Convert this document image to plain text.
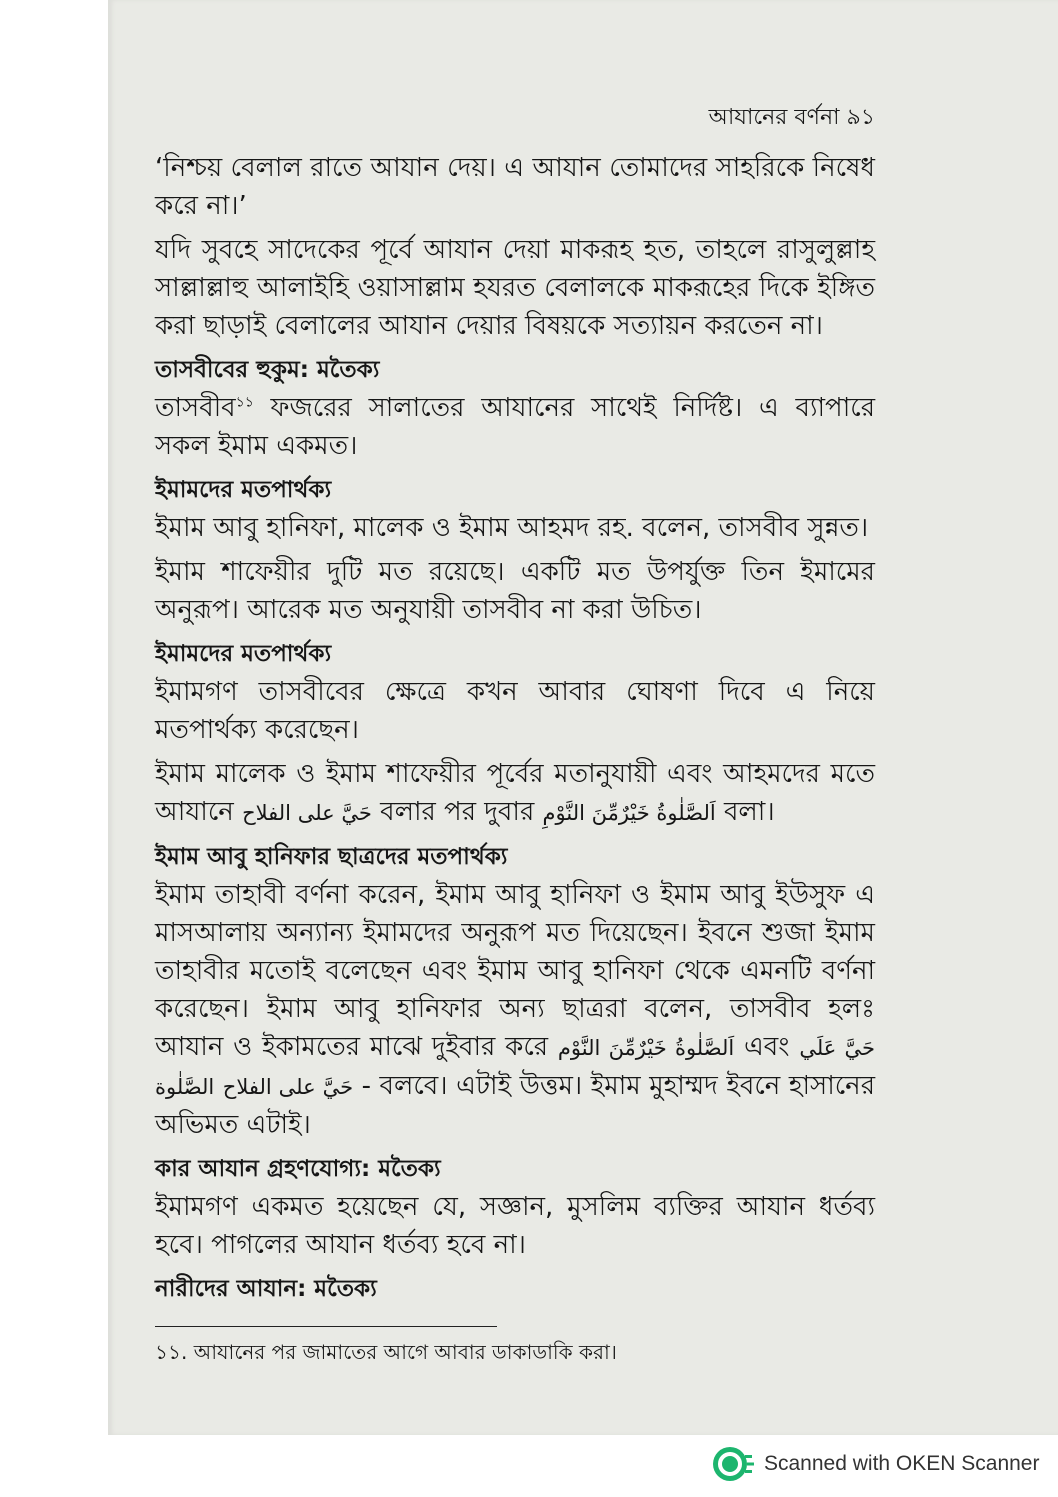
আযানের বর্ণনা ৯১

‘নিশ্চয় বেলাল রাতে আযান দেয়। এ আযান তোমাদের সাহরিকে নিষেধ করে না।’

যদি সুবহে সাদেকের পূর্বে আযান দেয়া মাকরূহ হত, তাহলে রাসুলুল্লাহ সাল্লাল্লাহু আলাইহি ওয়াসাল্লাম হযরত বেলালকে মাকরূহের দিকে ইঙ্গিত করা ছাড়াই বেলালের আযান দেয়ার বিষয়কে সত্যায়ন করতেন না।

তাসবীবের হুকুম: মতৈক্য

তাসবীব$^{১১}$ ফজরের সালাতের আযানের সাথেই নির্দিষ্ট। এ ব্যাপারে সকল ইমাম একমত।

ইমামদের মতপার্থক্য

ইমাম আবু হানিফা, মালেক ও ইমাম আহমদ রহ. বলেন, তাসবীব সুন্নত।

ইমাম শাফেয়ীর দুটি মত রয়েছে। একটি মত উপর্যুক্ত তিন ইমামের অনুরূপ। আরেক মত অনুযায়ী তাসবীব না করা উচিত।

ইমামদের মতপার্থক্য

ইমামগণ তাসবীবের ক্ষেত্রে কখন আবার ঘোষণা দিবে এ নিয়ে মতপার্থক্য করেছেন।

ইমাম মালেক ও ইমাম শাফেয়ীর পূর্বের মতানুযায়ী এবং আহমদের মতে আযানে حَيَّ على الفلاح বলার পর দুবার اَلصَّلٰوةُ خَيْرٌمِّنَ النَّوْمِ বলা।

ইমাম আবু হানিফার ছাত্রদের মতপার্থক্য

ইমাম তাহাবী বর্ণনা করেন, ইমাম আবু হানিফা ও ইমাম আবু ইউসুফ এ মাসআলায় অন্যান্য ইমামদের অনুরূপ মত দিয়েছেন। ইবনে শুজা ইমাম তাহাবীর মতোই বলেছেন এবং ইমাম আবু হানিফা থেকে এমনটি বর্ণনা করেছেন। ইমাম আবু হানিফার অন্য ছাত্ররা বলেন, তাসবীব হলঃ আযান ও ইকামতের মাঝে দুইবার করে اَلصَّلٰوةُ خَيْرٌمِّنَ النَّوْم এবং حَيَّ عَلَي الصَّلٰوة حَيَّ على الفلاح - বলবে। এটাই উত্তম। ইমাম মুহাম্মদ ইবনে হাসানের অভিমত এটাই।

কার আযান গ্রহণযোগ্য: মতৈক্য

ইমামগণ একমত হয়েছেন যে, সজ্ঞান, মুসলিম ব্যক্তির আযান ধর্তব্য হবে। পাগলের আযান ধর্তব্য হবে না।

নারীদের আযান: মতৈক্য

১১. আযানের পর জামাতের আগে আবার ডাকাডাকি করা।

Scanned with OKEN Scanner
